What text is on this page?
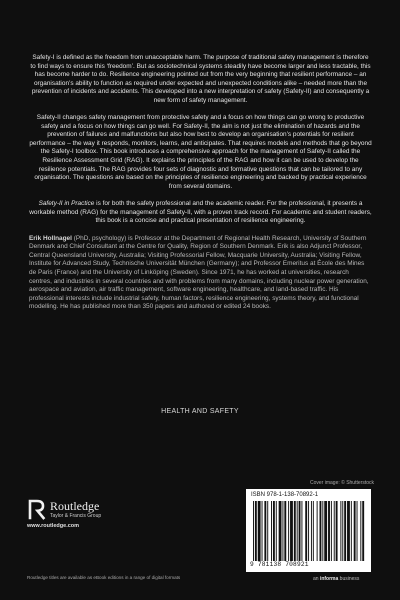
Safety-I is defined as the freedom from unacceptable harm. The purpose of traditional safety management is therefore to find ways to ensure this ‘freedom’. But as sociotechnical systems steadily have become larger and less tractable, this has become harder to do. Resilience engineering pointed out from the very beginning that resilient performance – an organisation’s ability to function as required under expected and unexpected conditions alike – needed more than the prevention of incidents and accidents. This developed into a new interpretation of safety (Safety-II) and consequently a new form of safety management.

Safety-II changes safety management from protective safety and a focus on how things can go wrong to productive safety and a focus on how things can go well. For Safety-II, the aim is not just the elimination of hazards and the prevention of failures and malfunctions but also how best to develop an organisation’s potentials for resilient performance – the way it responds, monitors, learns, and anticipates. That requires models and methods that go beyond the Safety-I toolbox. This book introduces a comprehensive approach for the management of Safety-II called the Resilience Assessment Grid (RAG). It explains the principles of the RAG and how it can be used to develop the resilience potentials. The RAG provides four sets of diagnostic and formative questions that can be tailored to any organisation. The questions are based on the principles of resilience engineering and backed by practical experience from several domains.

Safety-II in Practice is for both the safety professional and the academic reader. For the professional, it presents a workable method (RAG) for the management of Safety-II, with a proven track record. For academic and student readers, this book is a concise and practical presentation of resilience engineering.

Erik Hollnagel (PhD, psychology) is Professor at the Department of Regional Health Research, University of Southern Denmark and Chief Consultant at the Centre for Quality, Region of Southern Denmark. Erik is also Adjunct Professor, Central Queensland University, Australia; Visiting Professorial Fellow, Macquarie University, Australia; Visiting Fellow, Institute for Advanced Study, Technische Universität München (Germany); and Professor Emeritus at École des Mines de Paris (France) and the University of Linköping (Sweden). Since 1971, he has worked at universities, research centres, and industries in several countries and with problems from many domains, including nuclear power generation, aerospace and aviation, air traffic management, software engineering, healthcare, and land-based traffic. His professional interests include industrial safety, human factors, resilience engineering, systems theory, and functional modelling. He has published more than 350 papers and authored or edited 24 books.

HEALTH AND SAFETY
Cover image: © Shutterstock
Routledge
Taylor & Francis Group
www.routledge.com
ISBN 978-1-138-70892-1
9 781138 708921
an informa business
Routledge titles are available as eBook editions in a range of digital formats
